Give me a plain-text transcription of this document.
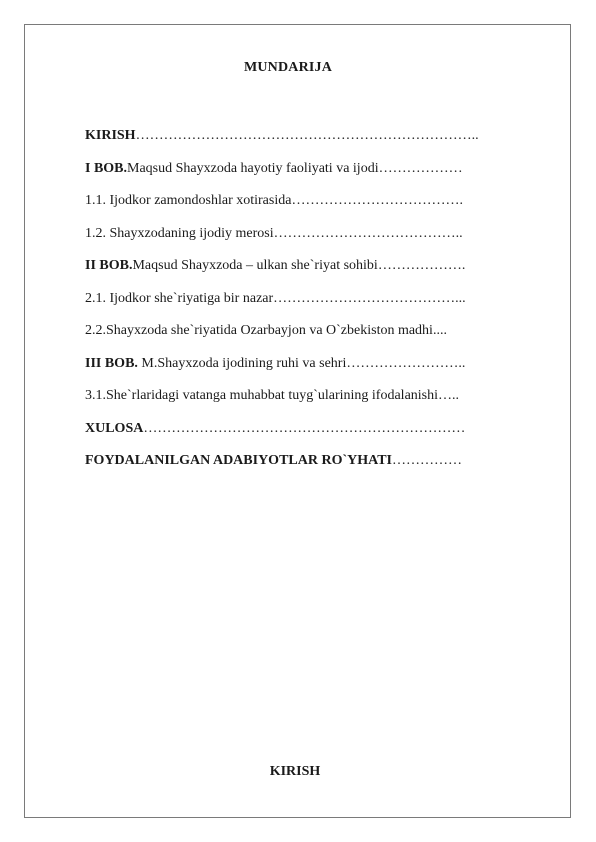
MUNDARIJA
KIRISH………………………………………………………………..
I BOB.Maqsud Shayxzoda hayotiy faoliyati va ijodi………………
1.1. Ijodkor zamondoshlar xotirasida……………………………….
1.2. Shayxzodaning ijodiy merosi…………………………………..
II BOB.Maqsud Shayxzoda – ulkan she`riyat sohibi……………….
2.1. Ijodkor she`riyatiga bir nazar…………………………………...
2.2.Shayxzoda she`riyatida Ozarbayjon va O`zbekiston madhi....
III BOB. M.Shayxzoda ijodining ruhi va sehri……………………..
3.1.She`rlaridagi vatanga muhabbat tuyg`ularining ifodalanishi…..
XULOSA……………………………………………………………
FOYDALANILGAN ADABIYOTLAR RO`YHATI……………
KIRISH
